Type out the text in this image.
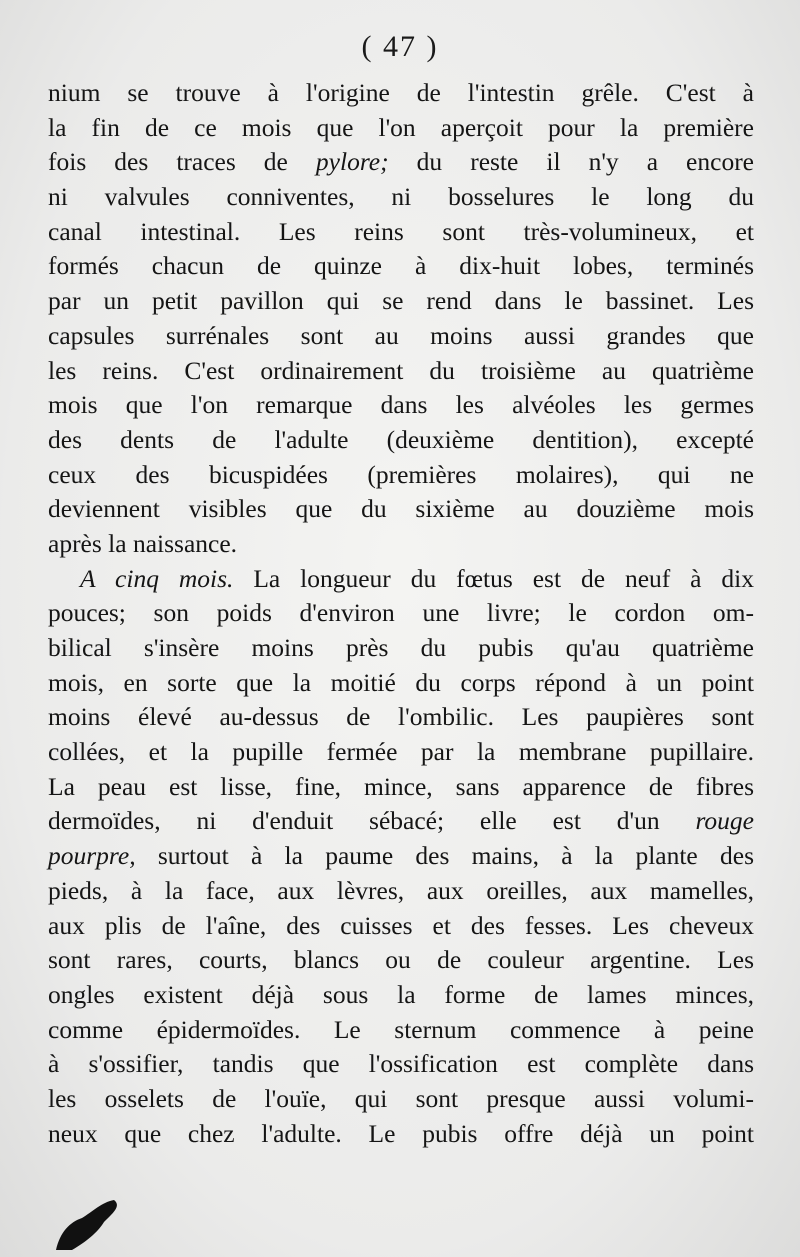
( 47 )
nium se trouve à l'origine de l'intestin grêle. C'est à
la fin de ce mois que l'on aperçoit pour la première
fois des traces de pylore; du reste il n'y a encore
ni valvules conniventes, ni bosselures le long du
canal intestinal. Les reins sont très-volumineux, et
formés chacun de quinze à dix-huit lobes, terminés
par un petit pavillon qui se rend dans le bassinet. Les
capsules surrénales sont au moins aussi grandes que
les reins. C'est ordinairement du troisième au quatrième
mois que l'on remarque dans les alvéoles les germes
des dents de l'adulte (deuxième dentition), excepté
ceux des bicuspidées (premières molaires), qui ne
deviennent visibles que du sixième au douzième mois
après la naissance.
A cinq mois. La longueur du fœtus est de neuf à dix
pouces; son poids d'environ une livre; le cordon om-
bilical s'insère moins près du pubis qu'au quatrième
mois, en sorte que la moitié du corps répond à un point
moins élevé au-dessus de l'ombilic. Les paupières sont
collées, et la pupille fermée par la membrane pupillaire.
La peau est lisse, fine, mince, sans apparence de fibres
dermoïdes, ni d'enduit sébacé; elle est d'un rouge
pourpre, surtout à la paume des mains, à la plante des
pieds, à la face, aux lèvres, aux oreilles, aux mamelles,
aux plis de l'aîne, des cuisses et des fesses. Les cheveux
sont rares, courts, blancs ou de couleur argentine. Les
ongles existent déjà sous la forme de lames minces,
comme épidermoïdes. Le sternum commence à peine
à s'ossifier, tandis que l'ossification est complète dans
les osselets de l'ouïe, qui sont presque aussi volumi-
neux que chez l'adulte. Le pubis offre déjà un point
